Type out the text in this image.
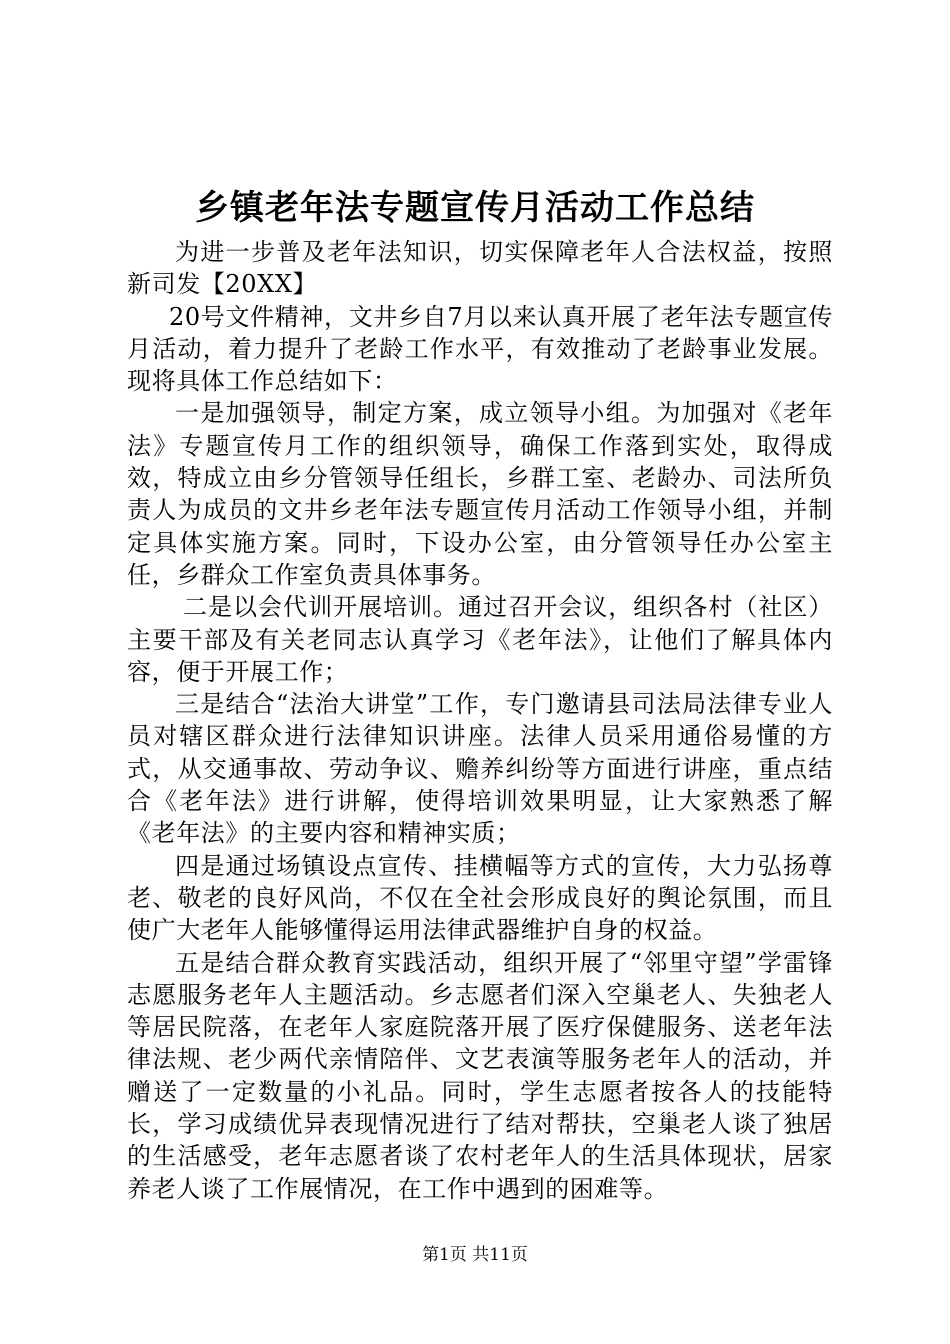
乡镇老年法专题宣传月活动工作总结

为进一步普及老年法知识，切实保障老年人合法权益，按照新司发【20XX】

20号文件精神，文井乡自7月以来认真开展了老年法专题宣传月活动，着力提升了老龄工作水平，有效推动了老龄事业发展。现将具体工作总结如下：

一是加强领导，制定方案，成立领导小组。为加强对《老年法》专题宣传月工作的组织领导，确保工作落到实处，取得成效，特成立由乡分管领导任组长，乡群工室、老龄办、司法所负责人为成员的文井乡老年法专题宣传月活动工作领导小组，并制定具体实施方案。同时，下设办公室，由分管领导任办公室主任，乡群众工作室负责具体事务。

二是以会代训开展培训。通过召开会议，组织各村（社区）主要干部及有关老同志认真学习《老年法》，让他们了解具体内容，便于开展工作；

三是结合“法治大讲堂”工作，专门邀请县司法局法律专业人员对辖区群众进行法律知识讲座。法律人员采用通俗易懂的方式，从交通事故、劳动争议、赡养纠纷等方面进行讲座，重点结合《老年法》进行讲解，使得培训效果明显，让大家熟悉了解《老年法》的主要内容和精神实质；

四是通过场镇设点宣传、挂横幅等方式的宣传，大力弘扬尊老、敬老的良好风尚，不仅在全社会形成良好的舆论氛围，而且使广大老年人能够懂得运用法律武器维护自身的权益。

五是结合群众教育实践活动，组织开展了“邻里守望”学雷锋志愿服务老年人主题活动。乡志愿者们深入空巢老人、失独老人等居民院落，在老年人家庭院落开展了医疗保健服务、送老年法律法规、老少两代亲情陪伴、文艺表演等服务老年人的活动，并赠送了一定数量的小礼品。同时，学生志愿者按各人的技能特长，学习成绩优异表现情况进行了结对帮扶，空巢老人谈了独居的生活感受，老年志愿者谈了农村老年人的生活具体现状，居家养老人谈了工作展情况，在工作中遇到的困难等。

第1页 共11页
